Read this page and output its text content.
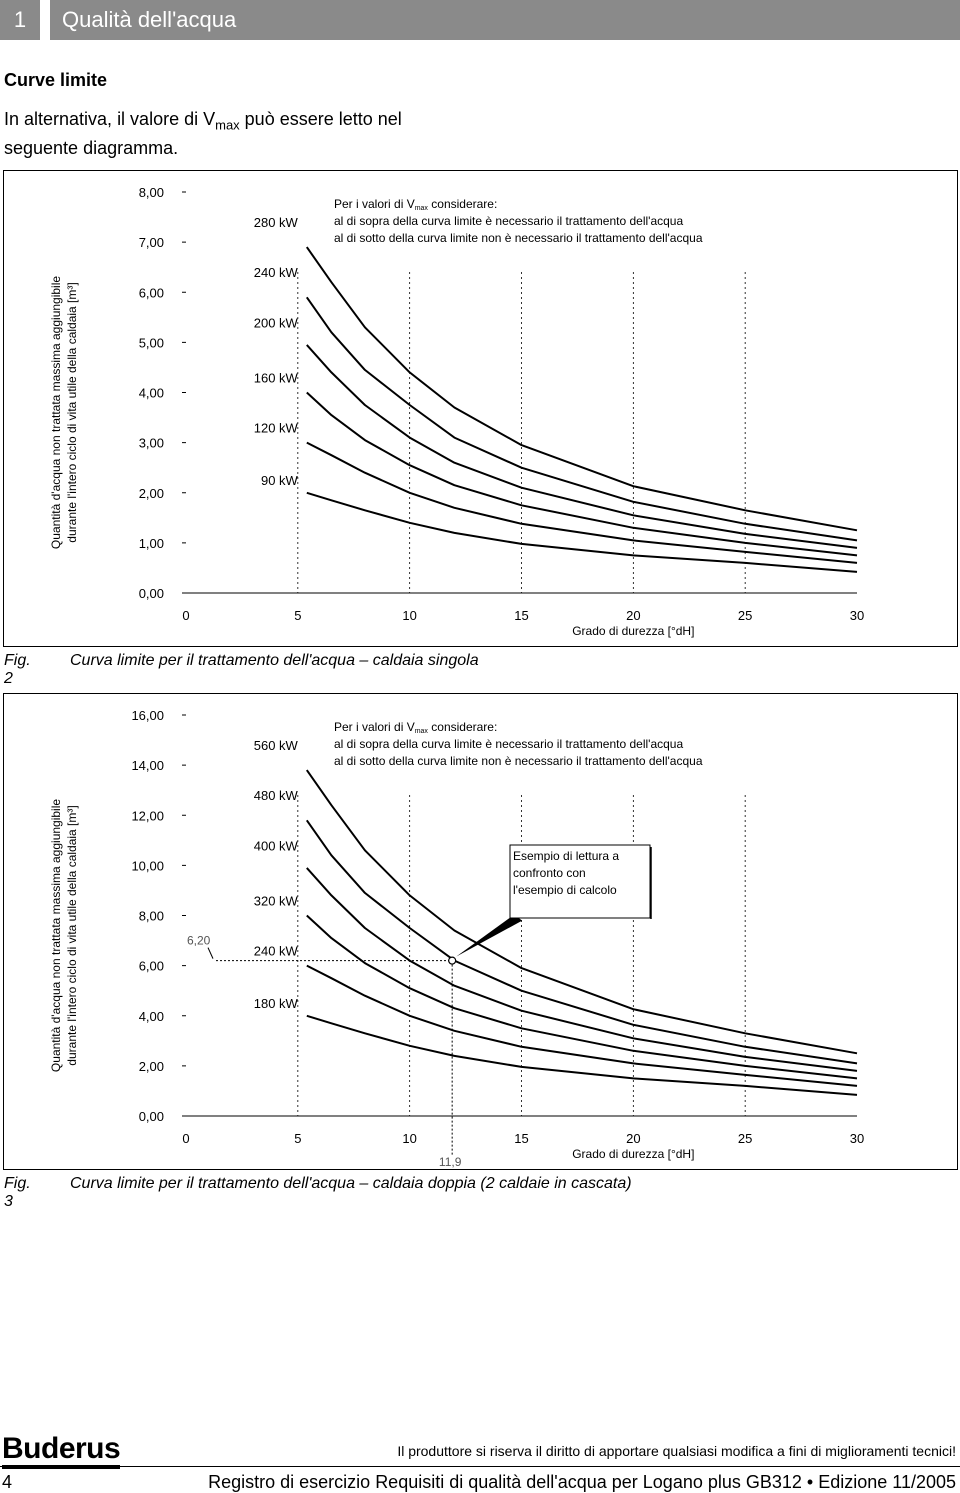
1	Qualità dell'acqua
Curve limite
In alternativa, il valore di $V_{max}$ può essere letto nel seguente diagramma.
0,00
1,00
2,00
3,00
4,00
5,00
6,00
7,00
8,00
0	5	10	15	20	25	30
Grado di durezza [°dH]
Quantità d'acqua non trattata massima aggiungibile durante l'intero ciclo di vita utile della caldaia [m³]
Per i valori di Vmax considerare:
al di sopra della curva limite è necessario il trattamento dell'acqua
al di sotto della curva limite non è necessario il trattamento dell'acqua
280 kW
240 kW
200 kW
160 kW
120 kW
90 kW
Fig. 2
Curva limite per il trattamento dell'acqua – caldaia singola
0,00
2,00
4,00
6,00
8,00
10,00
12,00
14,00
16,00
0	5	10	15	20	25	30
Grado di durezza [°dH]
Quantità d'acqua non trattata massima aggiungibile durante l'intero ciclo di vita utile della caldaia [m³]
Per i valori di Vmax considerare:
al di sopra della curva limite è necessario il trattamento dell'acqua
al di sotto della curva limite non è necessario il trattamento dell'acqua
560 kW
480 kW
400 kW
320 kW
240 kW
180 kW
6,20
11,9
Esempio di lettura a
confronto con
l'esempio di calcolo
Fig. 3
Curva limite per il trattamento dell'acqua – caldaia doppia (2 caldaie in cascata)
Buderus	Il produttore si riserva il diritto di apportare qualsiasi modifica a fini di miglioramenti tecnici!
4	Registro di esercizio Requisiti di qualità dell'acqua per Logano plus GB312 • Edizione 11/2005
